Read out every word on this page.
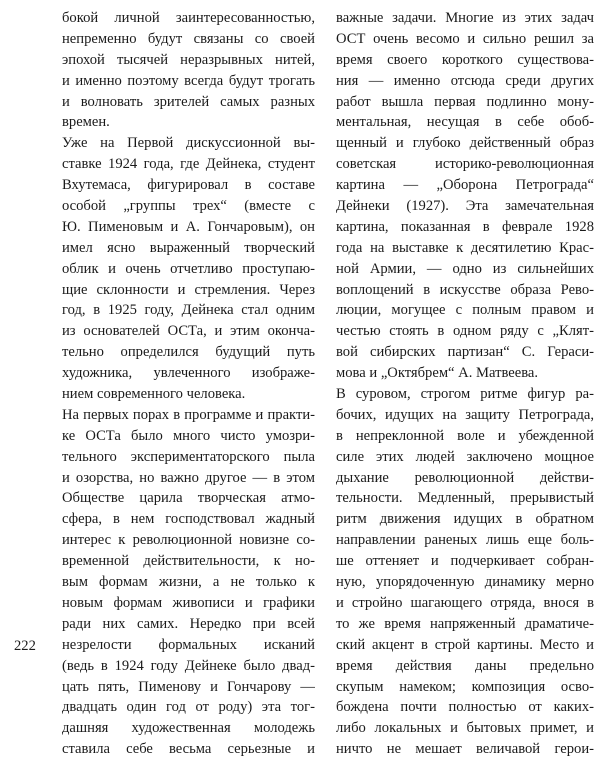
бокой личной заинтересованностью,
непременно будут связаны со своей
эпохой тысячей неразрывных нитей,
и именно поэтому всегда будут трогать
и волновать зрителей самых разных
времен.
Уже на Первой дискуссионной вы-
ставке 1924 года, где Дейнека, студент
Вхутемаса, фигурировал в составе
особой „группы трех“ (вместе с
Ю. Пименовым и А. Гончаровым), он
имел ясно выраженный творческий
облик и очень отчетливо проступаю-
щие склонности и стремления. Через
год, в 1925 году, Дейнека стал одним
из основателей ОСТа, и этим оконча-
тельно определился будущий путь
художника, увлеченного изображе-
нием современного человека.
На первых порах в программе и практи-
ке ОСТа было много чисто умозри-
тельного экспериментаторского пыла
и озорства, но важно другое — в этом
Обществе царила творческая атмо-
сфера, в нем господствовал жадный
интерес к революционной новизне со-
временной действительности, к но-
вым формам жизни, а не только к
новым формам живописи и графики
ради них самих. Нередко при всей
незрелости формальных исканий
(ведь в 1924 году Дейнеке было двад-
цать пять, Пименову и Гончарову —
двадцать один год от роду) эта тог-
дашняя художественная молодежь
ставила себе весьма серьезные и
важные задачи. Многие из этих задач
ОСТ очень весомо и сильно решил за
время своего короткого существова-
ния — именно отсюда среди других
работ вышла первая подлинно мону-
ментальная, несущая в себе обоб-
щенный и глубоко действенный образ
советская историко-революционная
картина — „Оборона Петрограда“
Дейнеки (1927). Эта замечательная
картина, показанная в феврале 1928
года на выставке к десятилетию Крас-
ной Армии, — одно из сильнейших
воплощений в искусстве образа Рево-
люции, могущее с полным правом и
честью стоять в одном ряду с „Клят-
вой сибирских партизан“ С. Гераси-
мова и „Октябрем“ А. Матвеева.
В суровом, строгом ритме фигур ра-
бочих, идущих на защиту Петрограда,
в непреклонной воле и убежденной
силе этих людей заключено мощное
дыхание революционной действи-
тельности. Медленный, прерывистый
ритм движения идущих в обратном
направлении раненых лишь еще боль-
ше оттеняет и подчеркивает собран-
ную, упорядоченную динамику мерно
и стройно шагающего отряда, внося в
то же время напряженный драматиче-
ский акцент в строй картины. Место и
время действия даны предельно
скупым намеком; композиция осво-
бождена почти полностью от каких-
либо локальных и бытовых примет, и
ничто не мешает величавой герои-
222
